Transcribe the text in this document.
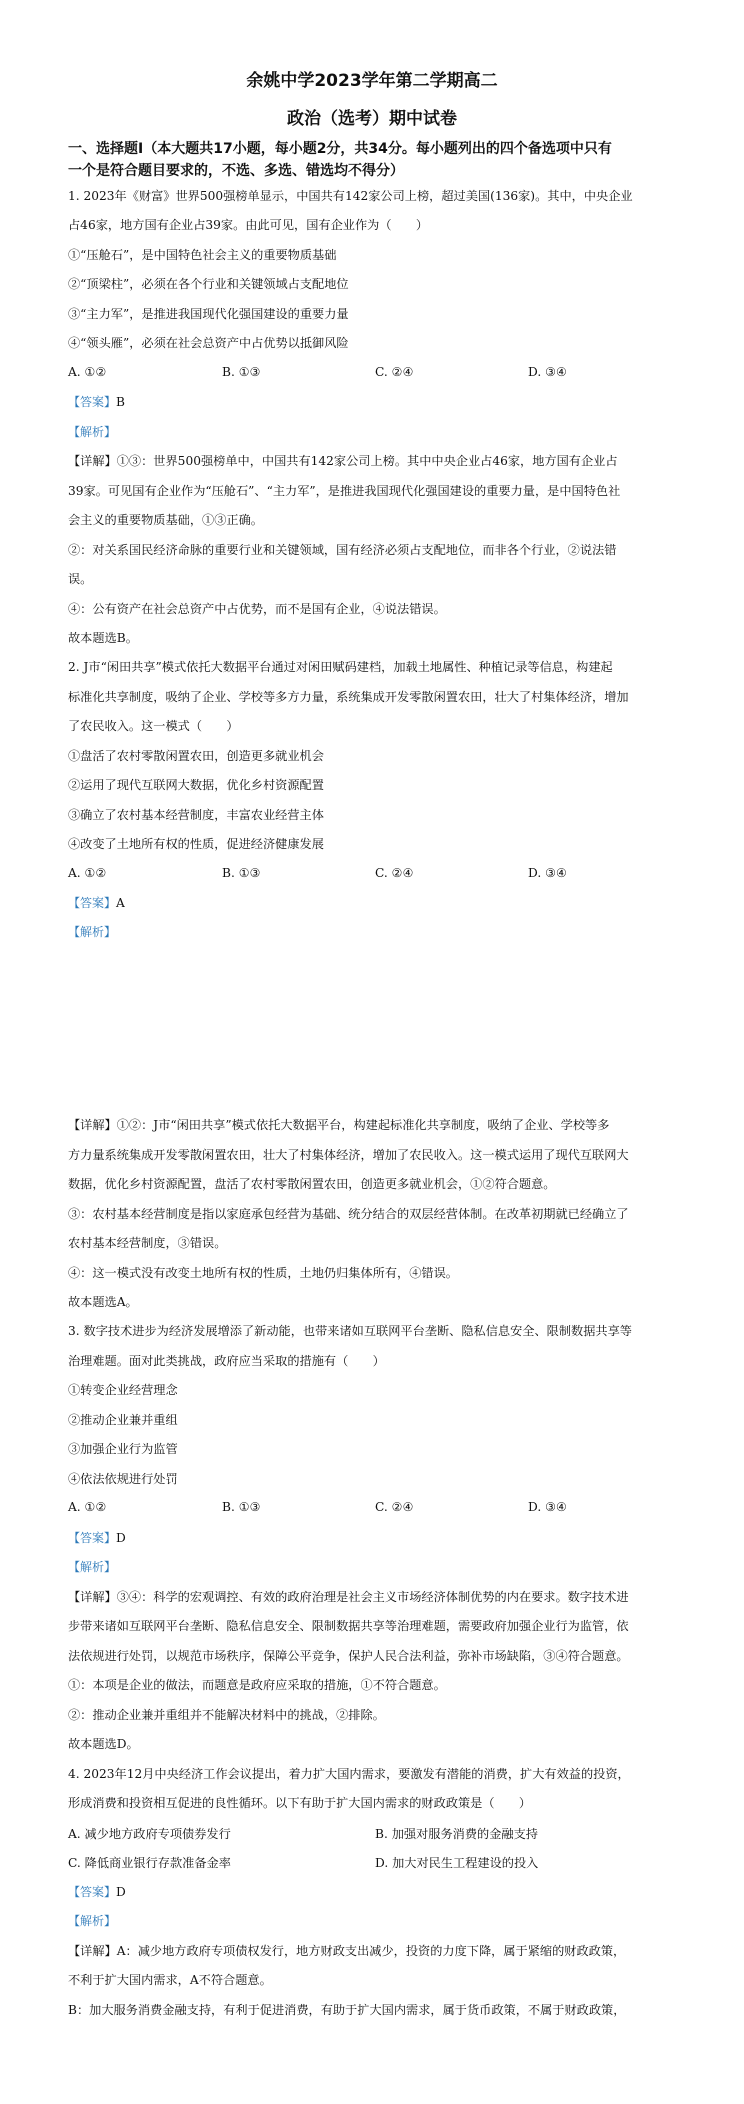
余姚中学2023学年第二学期高二
政治（选考）期中试卷
一、选择题Ⅰ（本大题共17小题，每小题2分，共34分。每小题列出的四个备选项中只有
一个是符合题目要求的，不选、多选、错选均不得分）
1. 2023年《财富》世界500强榜单显示，中国共有142家公司上榜，超过美国(136家)。其中，中央企业
占46家，地方国有企业占39家。由此可见，国有企业作为（　　）
①“压舱石”，是中国特色社会主义的重要物质基础
②“顶梁柱”，必须在各个行业和关键领域占支配地位
③“主力军”，是推进我国现代化强国建设的重要力量
④“领头雁”，必须在社会总资产中占优势以抵御风险
A. ①②	B. ①③	C. ②④	D. ③④
【答案】B
【解析】
【详解】①③：世界500强榜单中，中国共有142家公司上榜。其中中央企业占46家，地方国有企业占
39家。可见国有企业作为“压舱石”、“主力军”，是推进我国现代化强国建设的重要力量，是中国特色社
会主义的重要物质基础，①③正确。
②：对关系国民经济命脉的重要行业和关键领域，国有经济必须占支配地位，而非各个行业，②说法错
误。
④：公有资产在社会总资产中占优势，而不是国有企业，④说法错误。
故本题选B。
2. J市“闲田共享”模式依托大数据平台通过对闲田赋码建档，加载土地属性、种植记录等信息，构建起
标准化共享制度，吸纳了企业、学校等多方力量，系统集成开发零散闲置农田，壮大了村集体经济，增加
了农民收入。这一模式（　　）
①盘活了农村零散闲置农田，创造更多就业机会
②运用了现代互联网大数据，优化乡村资源配置
③确立了农村基本经营制度，丰富农业经营主体
④改变了土地所有权的性质，促进经济健康发展
A. ①②	B. ①③	C. ②④	D. ③④
【答案】A
【解析】
【详解】①②：J市“闲田共享”模式依托大数据平台，构建起标准化共享制度，吸纳了企业、学校等多
方力量系统集成开发零散闲置农田，壮大了村集体经济，增加了农民收入。这一模式运用了现代互联网大
数据，优化乡村资源配置，盘活了农村零散闲置农田，创造更多就业机会，①②符合题意。
③：农村基本经营制度是指以家庭承包经营为基础、统分结合的双层经营体制。在改革初期就已经确立了
农村基本经营制度，③错误。
④：这一模式没有改变土地所有权的性质，土地仍归集体所有，④错误。
故本题选A。
3. 数字技术进步为经济发展增添了新动能，也带来诸如互联网平台垄断、隐私信息安全、限制数据共享等
治理难题。面对此类挑战，政府应当采取的措施有（　　）
①转变企业经营理念
②推动企业兼并重组
③加强企业行为监管
④依法依规进行处罚
A. ①②	B. ①③	C. ②④	D. ③④
【答案】D
【解析】
【详解】③④：科学的宏观调控、有效的政府治理是社会主义市场经济体制优势的内在要求。数字技术进
步带来诸如互联网平台垄断、隐私信息安全、限制数据共享等治理难题，需要政府加强企业行为监管，依
法依规进行处罚，以规范市场秩序，保障公平竞争，保护人民合法利益，弥补市场缺陷，③④符合题意。
①：本项是企业的做法，而题意是政府应采取的措施，①不符合题意。
②：推动企业兼并重组并不能解决材料中的挑战，②排除。
故本题选D。
4. 2023年12月中央经济工作会议提出，着力扩大国内需求，要激发有潜能的消费，扩大有效益的投资，
形成消费和投资相互促进的良性循环。以下有助于扩大国内需求的财政政策是（　　）
A. 减少地方政府专项债券发行	B. 加强对服务消费的金融支持
C. 降低商业银行存款准备金率	D. 加大对民生工程建设的投入
【答案】D
【解析】
【详解】A：减少地方政府专项债权发行，地方财政支出减少，投资的力度下降，属于紧缩的财政政策，
不利于扩大国内需求，A不符合题意。
B：加大服务消费金融支持，有利于促进消费，有助于扩大国内需求，属于货币政策，不属于财政政策，
